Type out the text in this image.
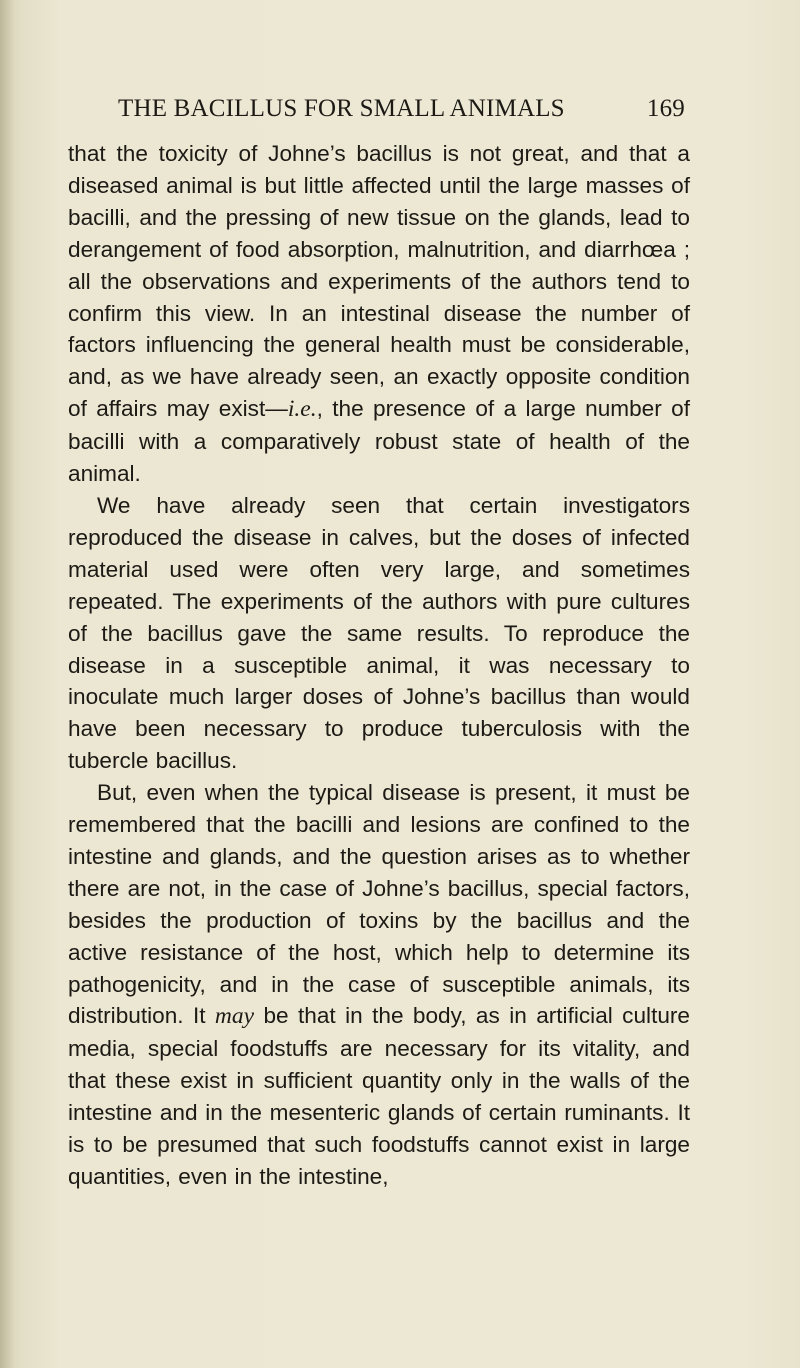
THE BACILLUS FOR SMALL ANIMALS	169

that the toxicity of Johne’s bacillus is not great, and that a diseased animal is but little affected until the large masses of bacilli, and the pressing of new tissue on the glands, lead to derangement of food absorption, malnutrition, and diarrhœa ; all the observations and experiments of the authors tend to confirm this view. In an intestinal disease the number of factors influencing the general health must be considerable, and, as we have already seen, an exactly opposite condition of affairs may exist—i.e., the presence of a large number of bacilli with a comparatively robust state of health of the animal.

We have already seen that certain investigators reproduced the disease in calves, but the doses of infected material used were often very large, and sometimes repeated. The experiments of the authors with pure cultures of the bacillus gave the same results. To reproduce the disease in a susceptible animal, it was necessary to inoculate much larger doses of Johne’s bacillus than would have been necessary to produce tuberculosis with the tubercle bacillus.

But, even when the typical disease is present, it must be remembered that the bacilli and lesions are confined to the intestine and glands, and the question arises as to whether there are not, in the case of Johne’s bacillus, special factors, besides the production of toxins by the bacillus and the active resistance of the host, which help to determine its pathogenicity, and in the case of susceptible animals, its distribution. It may be that in the body, as in artificial culture media, special foodstuffs are necessary for its vitality, and that these exist in sufficient quantity only in the walls of the intestine and in the mesenteric glands of certain ruminants. It is to be presumed that such foodstuffs cannot exist in large quantities, even in the intestine,
